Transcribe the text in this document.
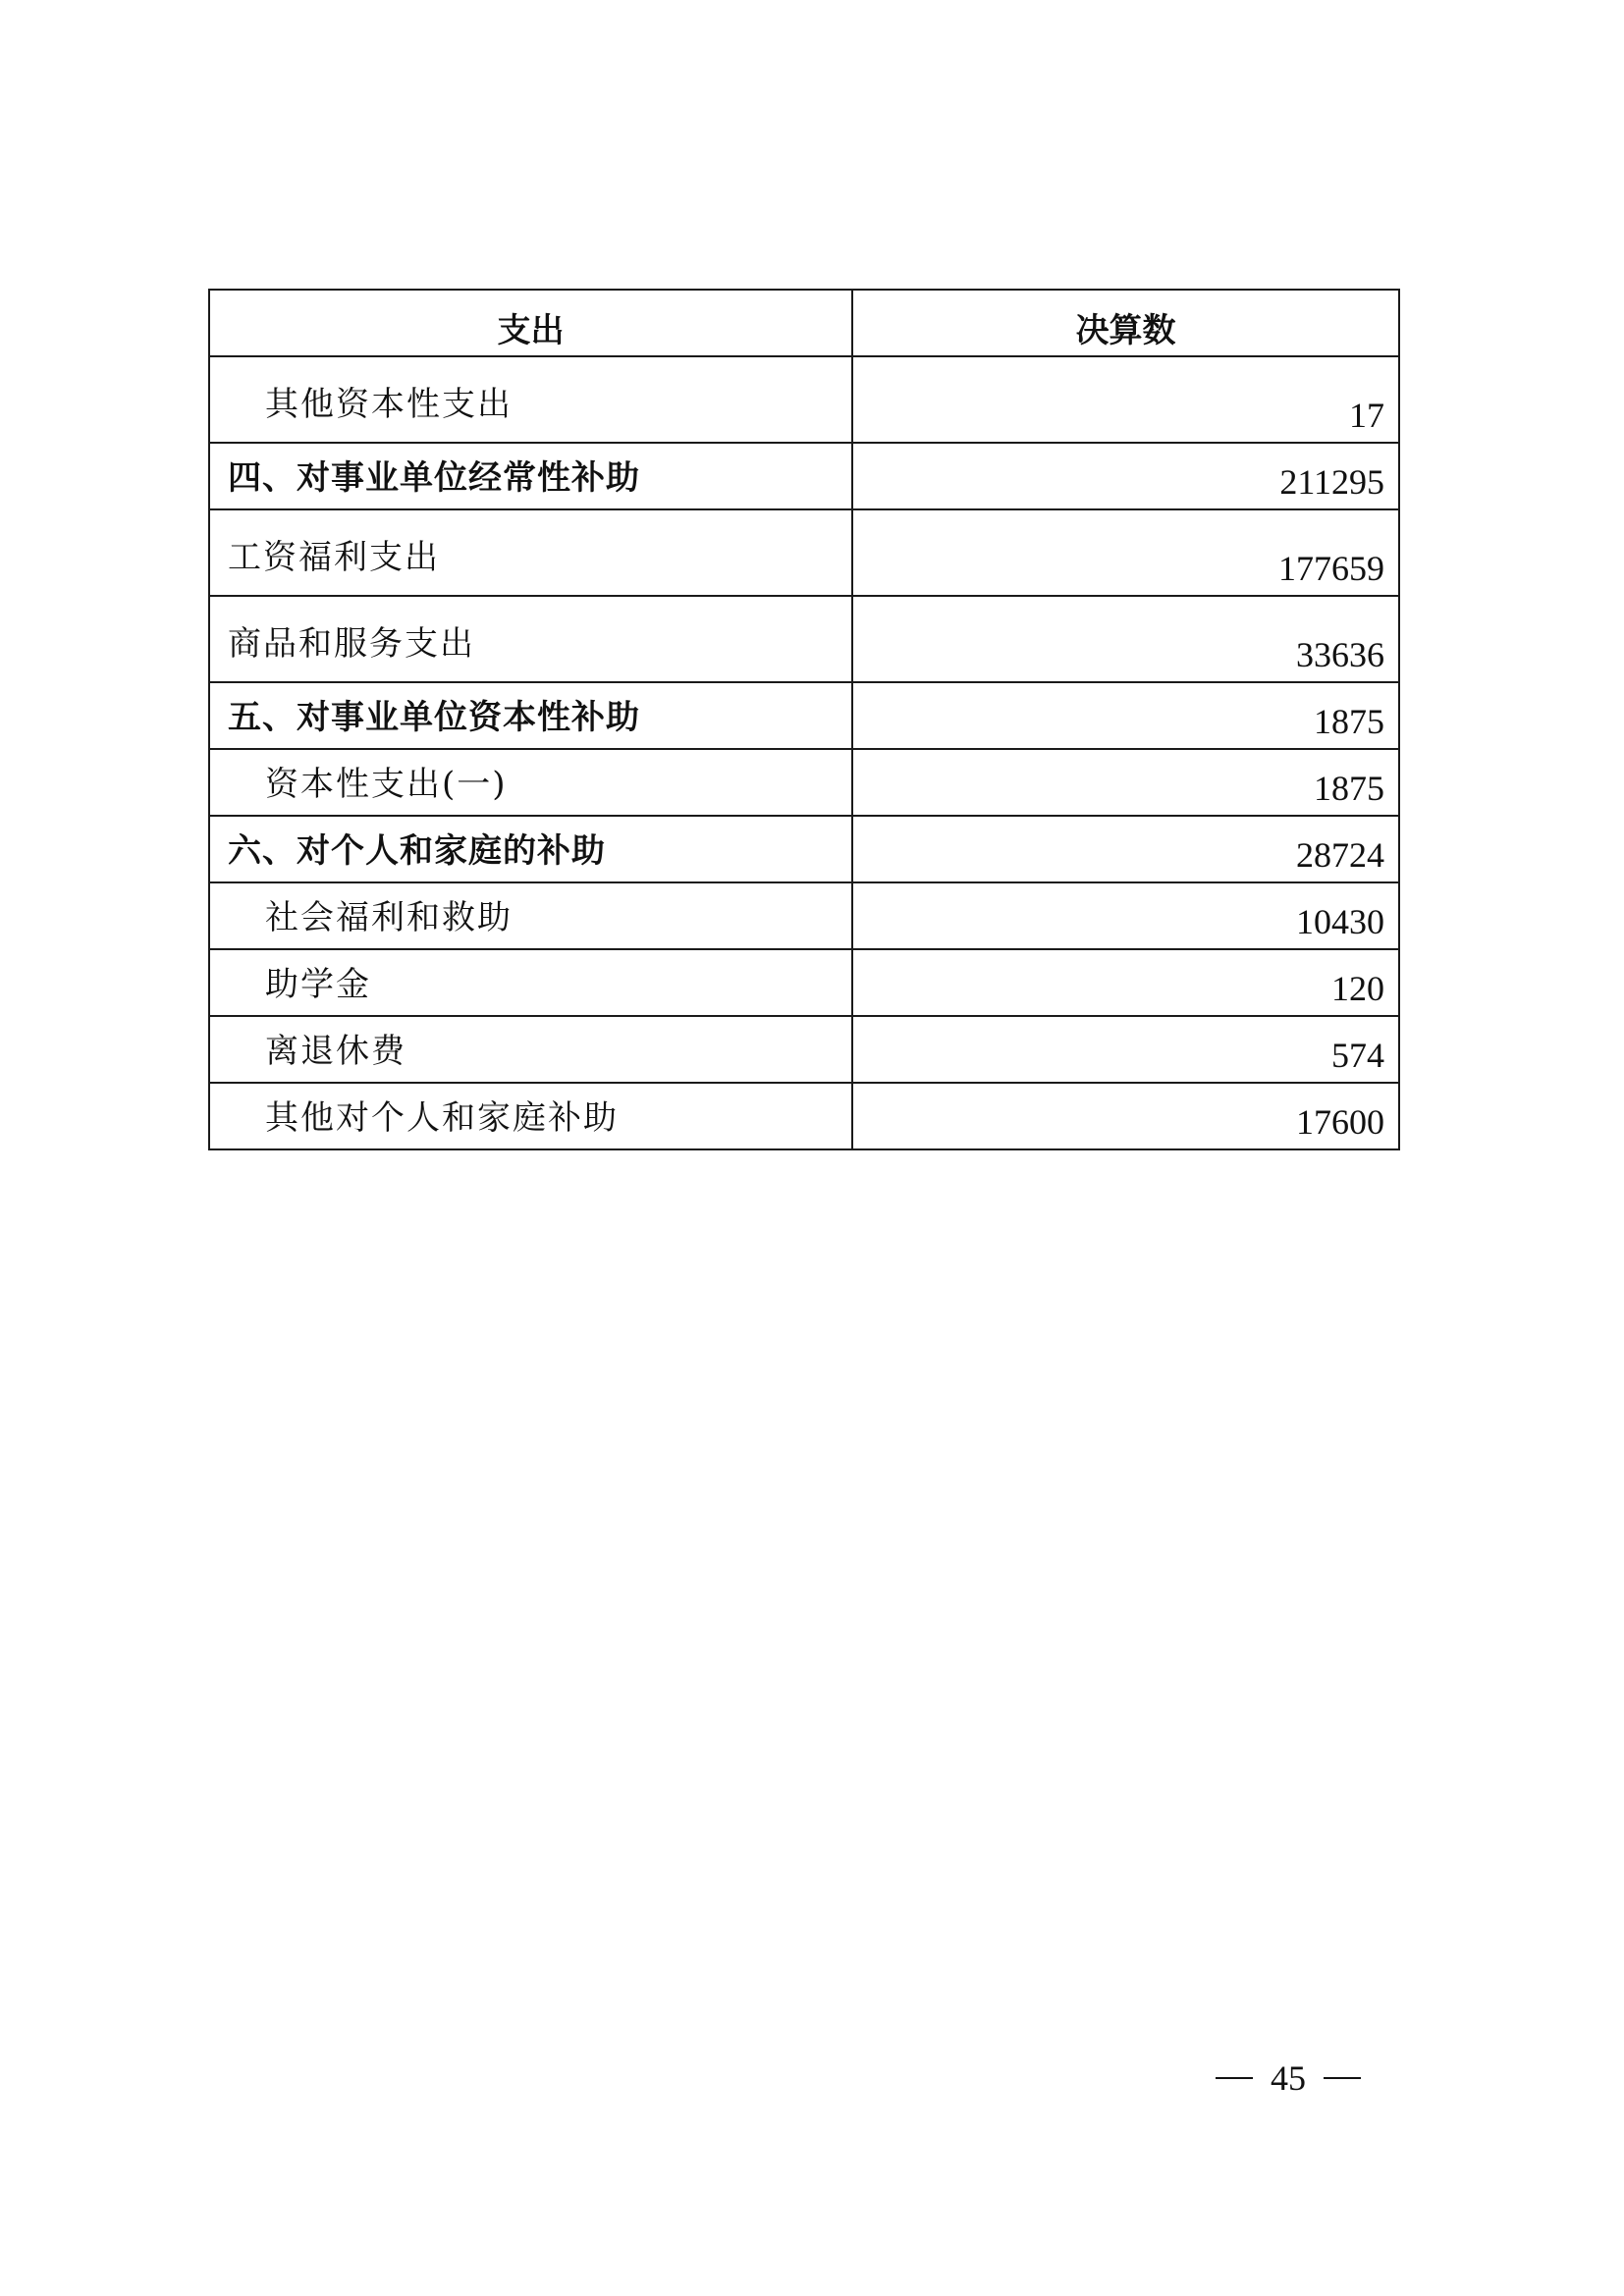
支出	决算数
其他资本性支出	17
四、对事业单位经常性补助	211295
工资福利支出	177659
商品和服务支出	33636
五、对事业单位资本性补助	1875
资本性支出(一)	1875
六、对个人和家庭的补助	28724
社会福利和救助	10430
助学金	120
离退休费	574
其他对个人和家庭补助	17600
45
